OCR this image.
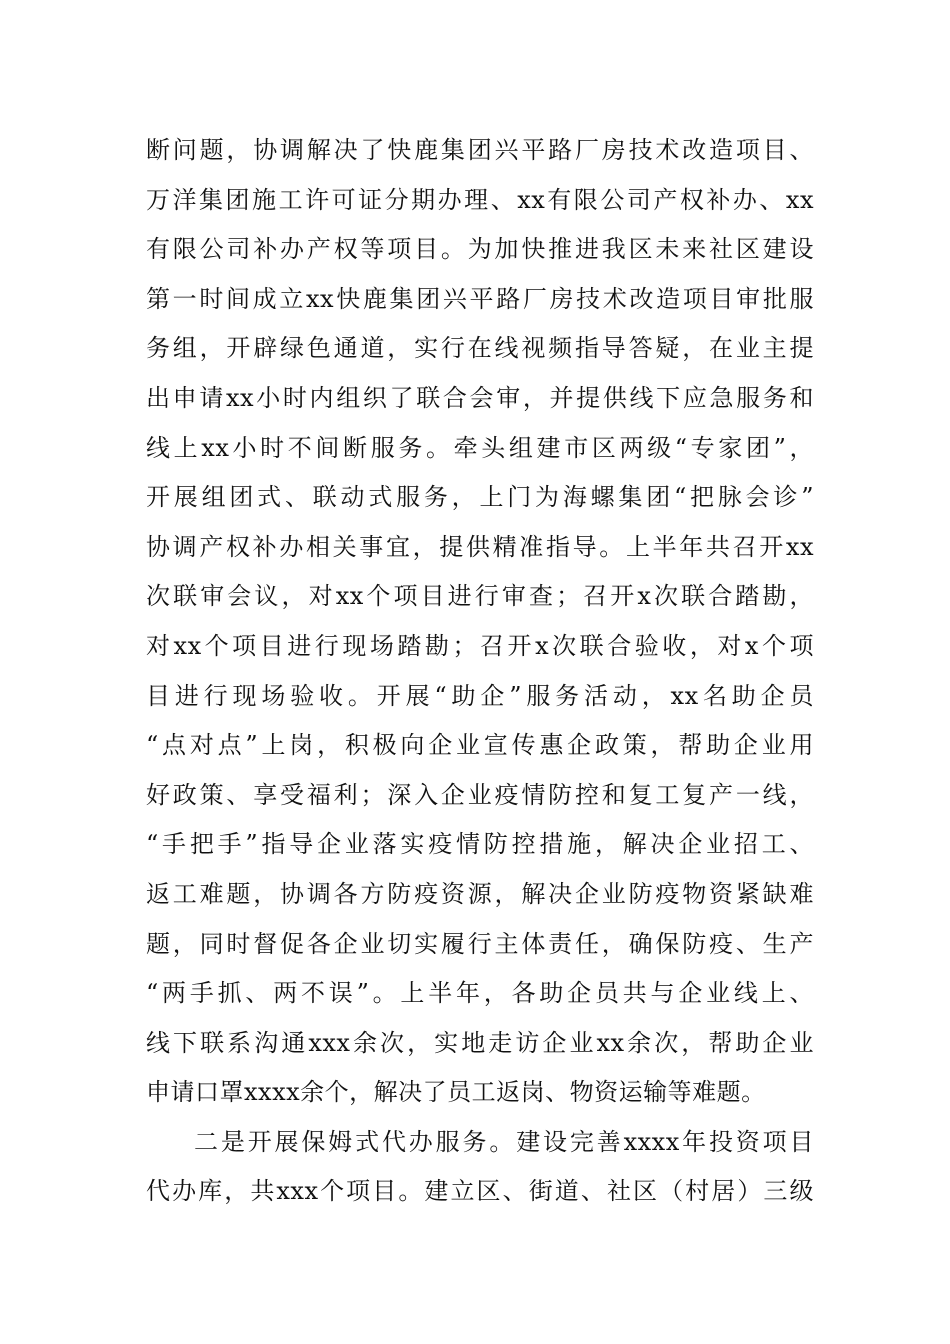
断问题，协调解决了快鹿集团兴平路厂房技术改造项目、
万洋集团施工许可证分期办理、xx有限公司产权补办、xx
有限公司补办产权等项目。为加快推进我区未来社区建设
第一时间成立xx快鹿集团兴平路厂房技术改造项目审批服
务组，开辟绿色通道，实行在线视频指导答疑，在业主提
出申请xx小时内组织了联合会审，并提供线下应急服务和
线上xx小时不间断服务。牵头组建市区两级“专家团”，
开展组团式、联动式服务，上门为海螺集团“把脉会诊”
协调产权补办相关事宜，提供精准指导。上半年共召开xx
次联审会议，对xx个项目进行审查；召开x次联合踏勘，
对xx个项目进行现场踏勘；召开x次联合验收，对x个项
目进行现场验收。开展“助企”服务活动，xx名助企员
“点对点”上岗，积极向企业宣传惠企政策，帮助企业用
好政策、享受福利；深入企业疫情防控和复工复产一线，
“手把手”指导企业落实疫情防控措施，解决企业招工、
返工难题，协调各方防疫资源，解决企业防疫物资紧缺难
题，同时督促各企业切实履行主体责任，确保防疫、生产
“两手抓、两不误”。上半年，各助企员共与企业线上、
线下联系沟通xxx余次，实地走访企业xx余次，帮助企业
申请口罩xxxx余个，解决了员工返岗、物资运输等难题。
二是开展保姆式代办服务。建设完善xxxx年投资项目
代办库，共xxx个项目。建立区、街道、社区（村居）三级
